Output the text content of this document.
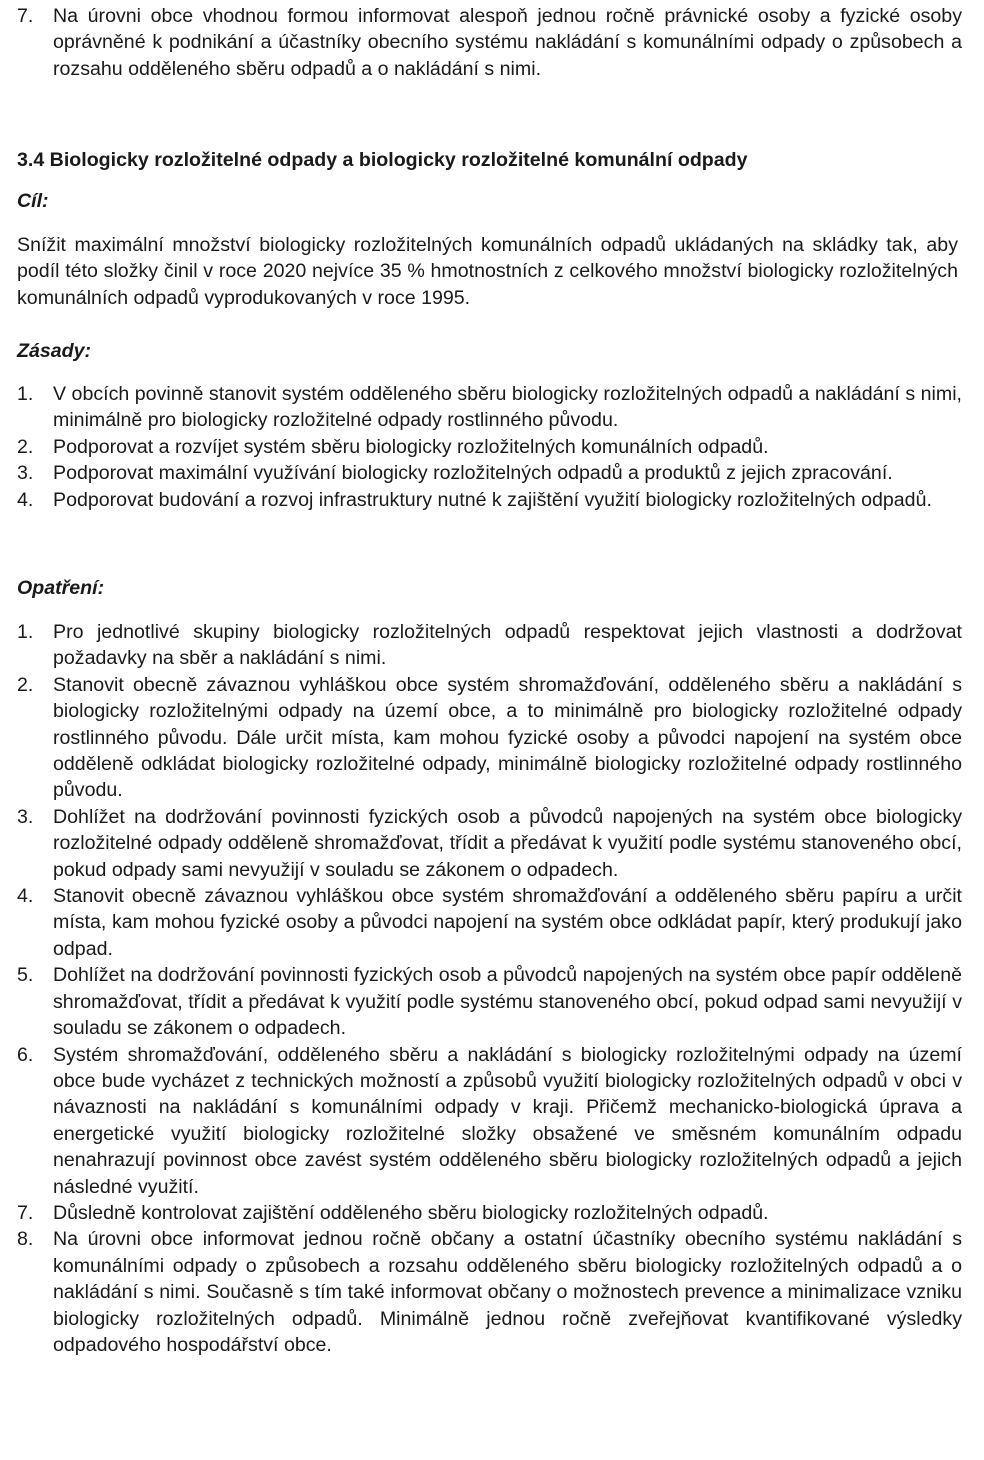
7.	Na úrovni obce vhodnou formou informovat alespoň jednou ročně právnické osoby a fyzické osoby oprávněné k podnikání a účastníky obecního systému nakládání s komunálními odpady o způsobech a rozsahu odděleného sběru odpadů a o nakládání s nimi.
3.4 Biologicky rozložitelné odpady a biologicky rozložitelné komunální odpady
Cíl:

Snížit maximální množství biologicky rozložitelných komunálních odpadů ukládaných na skládky tak, aby podíl této složky činil v roce 2020 nejvíce 35 % hmotnostních z celkového množství biologicky rozložitelných komunálních odpadů vyprodukovaných v roce 1995.

Zásady:
1.	V obcích povinně stanovit systém odděleného sběru biologicky rozložitelných odpadů a nakládání s nimi, minimálně pro biologicky rozložitelné odpady rostlinného původu.
2.	Podporovat a rozvíjet systém sběru biologicky rozložitelných komunálních odpadů.
3.	Podporovat maximální využívání biologicky rozložitelných odpadů a produktů z jejich zpracování.
4.	Podporovat budování a rozvoj infrastruktury nutné k zajištění využití biologicky rozložitelných odpadů.
Opatření:
1.	Pro jednotlivé skupiny biologicky rozložitelných odpadů respektovat jejich vlastnosti a dodržovat požadavky na sběr a nakládání s nimi.
2.	Stanovit obecně závaznou vyhláškou obce systém shromažďování, odděleného sběru a nakládání s biologicky rozložitelnými odpady na území obce, a to minimálně pro biologicky rozložitelné odpady rostlinného původu. Dále určit místa, kam mohou fyzické osoby a původci napojení na systém obce odděleně odkládat biologicky rozložitelné odpady, minimálně biologicky rozložitelné odpady rostlinného původu.
3.	Dohlížet na dodržování povinnosti fyzických osob a původců napojených na systém obce biologicky rozložitelné odpady odděleně shromažďovat, třídit a předávat k využití podle systému stanoveného obcí, pokud odpady sami nevyužijí v souladu se zákonem o odpadech.
4.	Stanovit obecně závaznou vyhláškou obce systém shromažďování a odděleného sběru papíru a určit místa, kam mohou fyzické osoby a původci napojení na systém obce odkládat papír, který produkují jako odpad.
5.	Dohlížet na dodržování povinnosti fyzických osob a původců napojených na systém obce papír odděleně shromažďovat, třídit a předávat k využití podle systému stanoveného obcí, pokud odpad sami nevyužijí v souladu se zákonem o odpadech.
6.	Systém shromažďování, odděleného sběru a nakládání s biologicky rozložitelnými odpady na území obce bude vycházet z technických možností a způsobů využití biologicky rozložitelných odpadů v obci v návaznosti na nakládání s komunálními odpady v kraji. Přičemž mechanicko-biologická úprava a energetické využití biologicky rozložitelné složky obsažené ve směsném komunálním odpadu nenahrazují povinnost obce zavést systém odděleného sběru biologicky rozložitelných odpadů a jejich následné využití.
7.	Důsledně kontrolovat zajištění odděleného sběru biologicky rozložitelných odpadů.
8.	Na úrovni obce informovat jednou ročně občany a ostatní účastníky obecního systému nakládání s komunálními odpady o způsobech a rozsahu odděleného sběru biologicky rozložitelných odpadů a o nakládání s nimi. Současně s tím také informovat občany o možnostech prevence a minimalizace vzniku biologicky rozložitelných odpadů. Minimálně jednou ročně zveřejňovat kvantifikované výsledky odpadového hospodářství obce.
